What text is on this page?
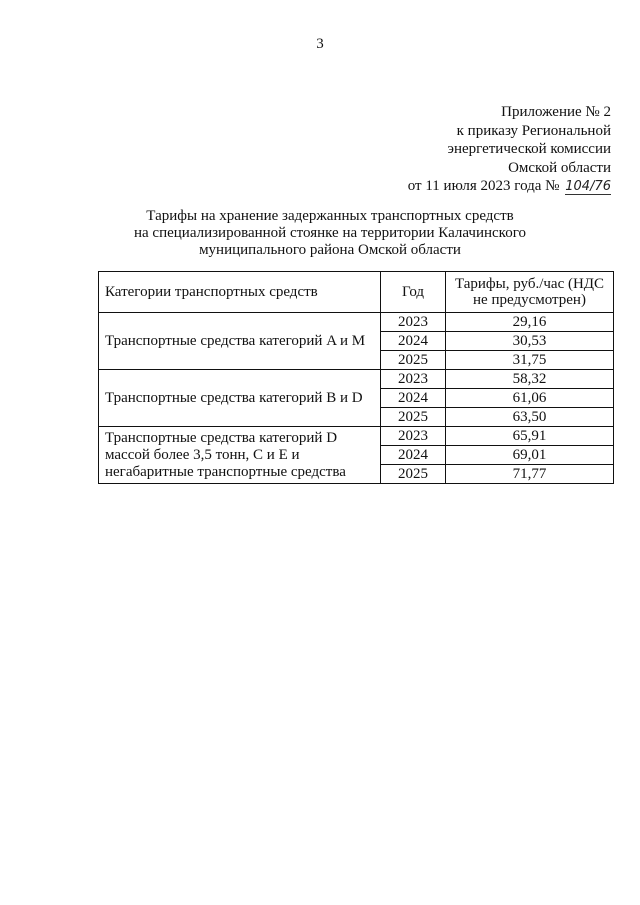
3
Приложение № 2
к приказу Региональной
энергетической комиссии
Омской области
от 11 июля 2023 года № 104/76
Тарифы на хранение задержанных транспортных средств
на специализированной стоянке на территории Калачинского
муниципального района Омской области
Категории транспортных средств	Год	Тарифы, руб./час (НДС не предусмотрен)
Транспортные средства категорий A и M	2023	29,16
	2024	30,53
	2025	31,75
Транспортные средства категорий B и D	2023	58,32
	2024	61,06
	2025	63,50
Транспортные средства категорий D массой более 3,5 тонн, C и E и негабаритные транспортные средства	2023	65,91
	2024	69,01
	2025	71,77
